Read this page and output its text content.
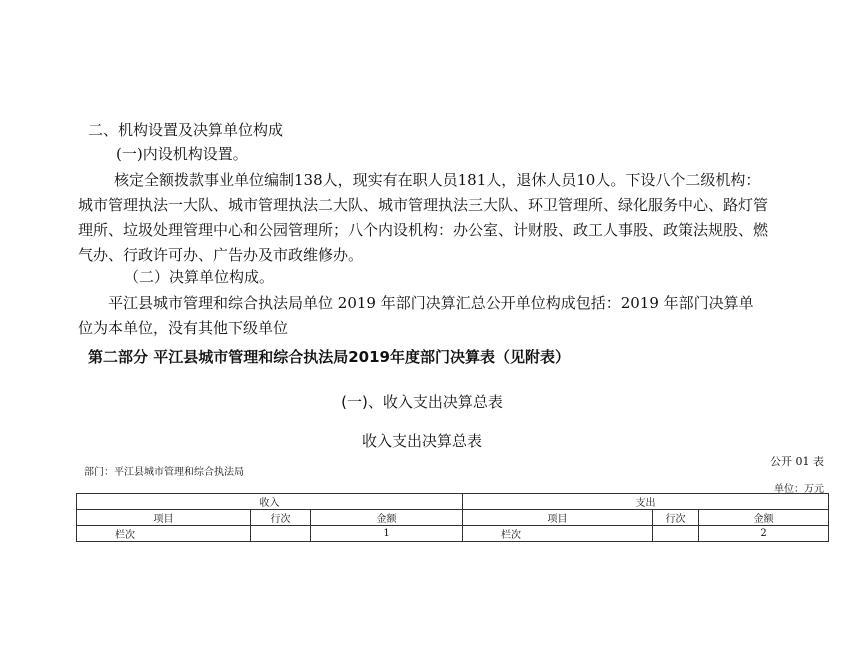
二、机构设置及决算单位构成
(一)内设机构设置。
核定全额拨款事业单位编制138人，现实有在职人员181人，退休人员10人。下设八个二级机构：城市管理执法一大队、城市管理执法二大队、城市管理执法三大队、环卫管理所、绿化服务中心、路灯管理所、垃圾处理管理中心和公园管理所；八个内设机构：办公室、计财股、政工人事股、政策法规股、燃气办、行政许可办、广告办及市政维修办。
（二）决算单位构成。
平江县城市管理和综合执法局单位 2019 年部门决算汇总公开单位构成包括：2019 年部门决算单位为本单位，没有其他下级单位
第二部分 平江县城市管理和综合执法局2019年度部门决算表（见附表）
(一)、收入支出决算总表
收入支出决算总表
公开 01 表
部门：平江县城市管理和综合执法局
单位：万元
收入			支出		
项目	行次	金额	项目	行次	金额
栏次		1	栏次		2
